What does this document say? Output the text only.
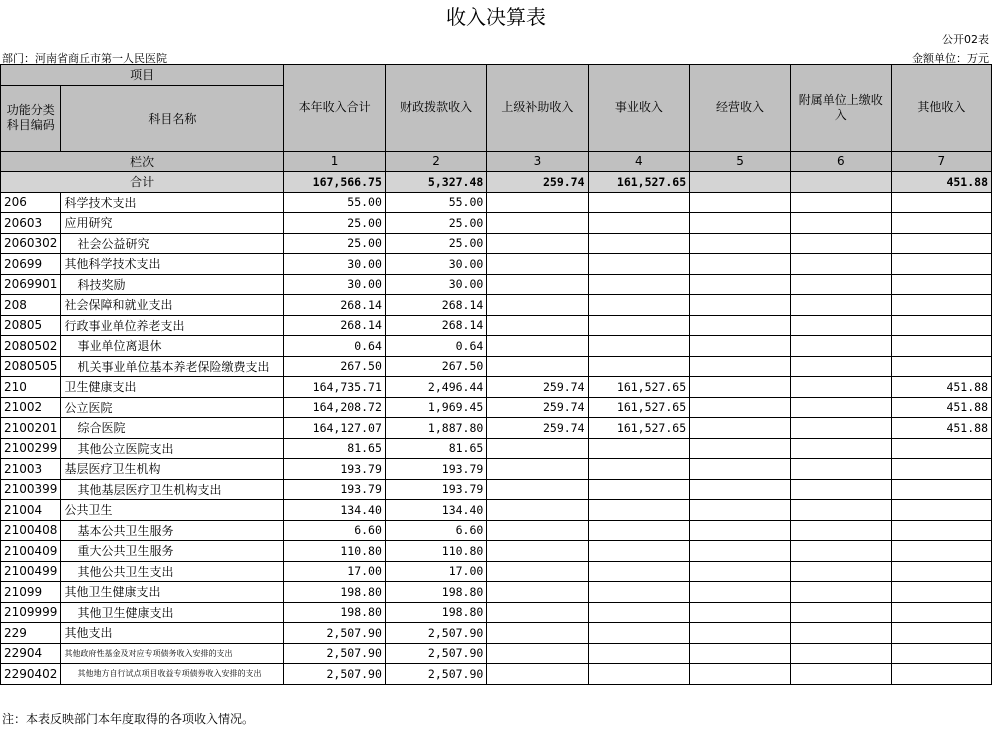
收入决算表
公开02表
部门：河南省商丘市第一人民医院	金额单位：万元
项目		本年收入合计	财政拨款收入	上级补助收入	事业收入	经营收入	附属单位上缴收入	其他收入
功能分类科目编码	科目名称							
栏次		1	2	3	4	5	6	7
合计		167,566.75	5,327.48	259.74	161,527.65			451.88
206	科学技术支出	55.00	55.00					
20603	应用研究	25.00	25.00					
2060302	社会公益研究	25.00	25.00					
20699	其他科学技术支出	30.00	30.00					
2069901	科技奖励	30.00	30.00					
208	社会保障和就业支出	268.14	268.14					
20805	行政事业单位养老支出	268.14	268.14					
2080502	事业单位离退休	0.64	0.64					
2080505	机关事业单位基本养老保险缴费支出	267.50	267.50					
210	卫生健康支出	164,735.71	2,496.44	259.74	161,527.65			451.88
21002	公立医院	164,208.72	1,969.45	259.74	161,527.65			451.88
2100201	综合医院	164,127.07	1,887.80	259.74	161,527.65			451.88
2100299	其他公立医院支出	81.65	81.65					
21003	基层医疗卫生机构	193.79	193.79					
2100399	其他基层医疗卫生机构支出	193.79	193.79					
21004	公共卫生	134.40	134.40					
2100408	基本公共卫生服务	6.60	6.60					
2100409	重大公共卫生服务	110.80	110.80					
2100499	其他公共卫生支出	17.00	17.00					
21099	其他卫生健康支出	198.80	198.80					
2109999	其他卫生健康支出	198.80	198.80					
229	其他支出	2,507.90	2,507.90					
22904	其他政府性基金及对应专项债务收入安排的支出	2,507.90	2,507.90					
2290402	其他地方自行试点项目收益专项债券收入安排的支出	2,507.90	2,507.90					
注：本表反映部门本年度取得的各项收入情况。
